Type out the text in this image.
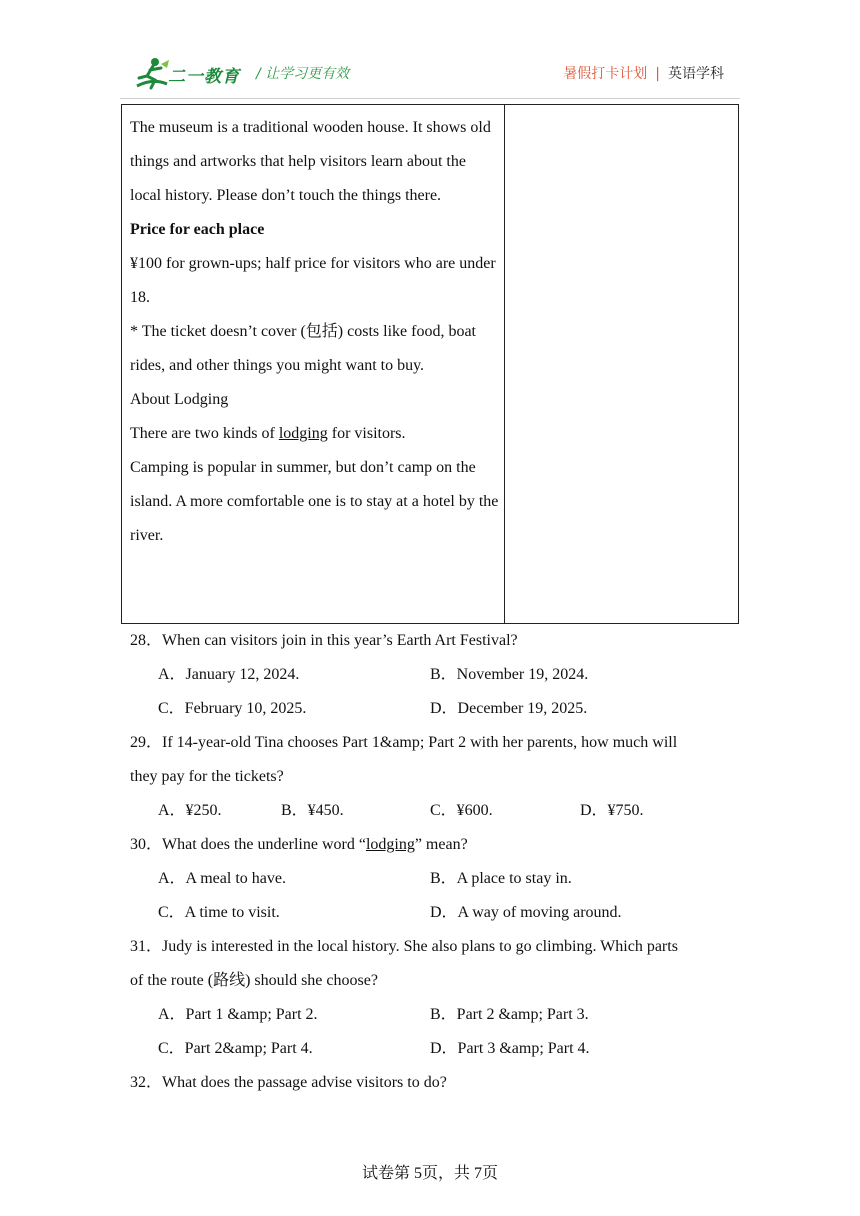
二一教育 / 让学习更有效	暑假打卡计划 | 英语学科

The museum is a traditional wooden house. It shows old things and artworks that help visitors learn about the local history. Please don’t touch the things there.

Price for each place

¥100 for grown-ups; half price for visitors who are under 18.

* The ticket doesn’t cover (包括) costs like food, boat rides, and other things you might want to buy.

About Lodging

There are two kinds of lodging for visitors.

Camping is popular in summer, but don’t camp on the island. A more comfortable one is to stay at a hotel by the river.

28．When can visitors join in this year’s Earth Art Festival?
A．January 12, 2024.	B．November 19, 2024.
C．February 10, 2025.	D．December 19, 2025.
29．If 14-year-old Tina chooses Part 1&amp; Part 2 with her parents, how much will
they pay for the tickets?
A．¥250.	B．¥450.	C．¥600.	D．¥750.
30．What does the underline word “lodging” mean?
A．A meal to have.	B．A place to stay in.
C．A time to visit.	D．A way of moving around.
31．Judy is interested in the local history. She also plans to go climbing. Which parts
of the route (路线) should she choose?
A．Part 1 &amp; Part 2.	B．Part 2 &amp; Part 3.
C．Part 2&amp; Part 4.	D．Part 3 &amp; Part 4.
32．What does the passage advise visitors to do?
试卷第 5页，共 7页
